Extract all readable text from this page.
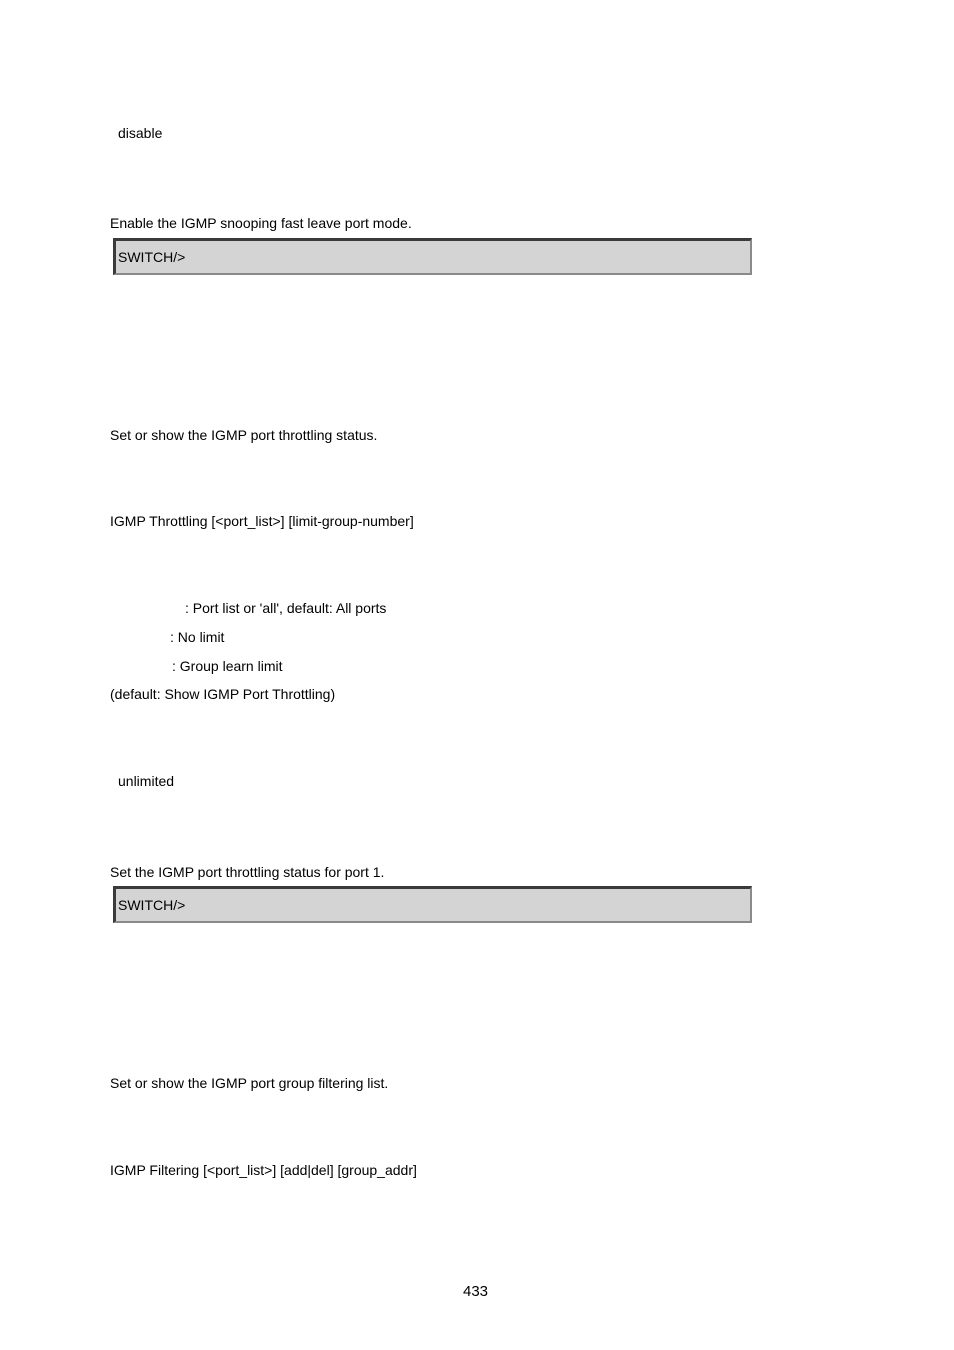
disable
Enable the IGMP snooping fast leave port mode.
SWITCH/>
Set or show the IGMP port throttling status.
IGMP Throttling [<port_list>] [limit-group-number]
: Port list or 'all', default: All ports
: No limit
: Group learn limit
(default: Show IGMP Port Throttling)
unlimited
Set the IGMP port throttling status for port 1.
SWITCH/>
Set or show the IGMP port group filtering list.
IGMP Filtering [<port_list>] [add|del] [group_addr]
433
